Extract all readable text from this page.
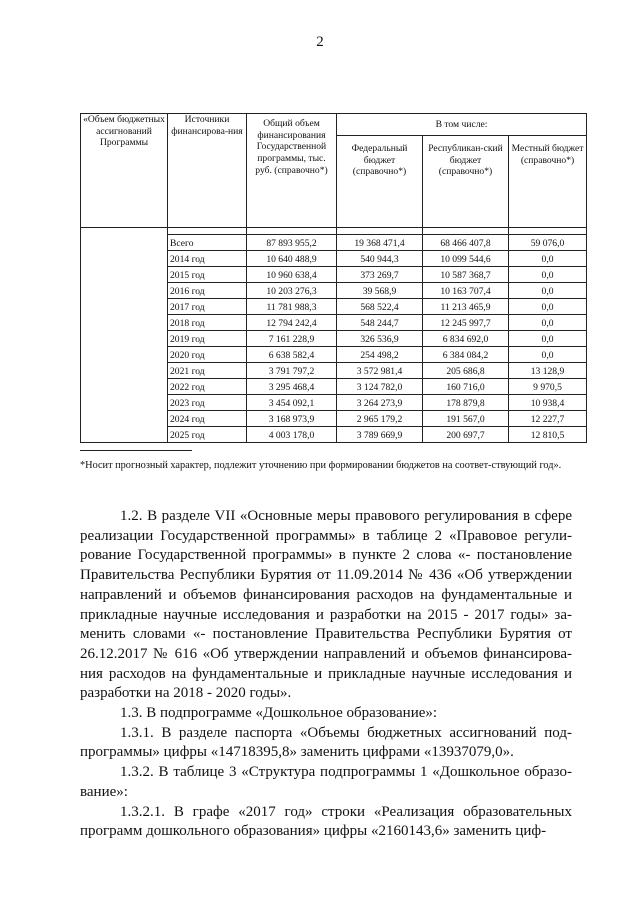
2
«Объем бюджетных ассигнований Программы	Источники финансирова-ния	Общий объем финансирования Государственной программы, тыс. руб. (справочно*)	В том числе:		
			Федеральный бюджет (справочно*)	Республикан-ский бюджет (справочно*)	Местный бюджет (справочно*)

	Всего	87 893 955,2	19 368 471,4	68 466 407,8	59 076,0
	2014 год	10 640 488,9	540 944,3	10 099 544,6	0,0
	2015 год	10 960 638,4	373 269,7	10 587 368,7	0,0
	2016 год	10 203 276,3	39 568,9	10 163 707,4	0,0
	2017 год	11 781 988,3	568 522,4	11 213 465,9	0,0
	2018 год	12 794 242,4	548 244,7	12 245 997,7	0,0
	2019 год	7 161 228,9	326 536,9	6 834 692,0	0,0
	2020 год	6 638 582,4	254 498,2	6 384 084,2	0,0
	2021 год	3 791 797,2	3 572 981,4	205 686,8	13 128,9
	2022 год	3 295 468,4	3 124 782,0	160 716,0	9 970,5
	2023 год	3 454 092,1	3 264 273,9	178 879,8	10 938,4
	2024 год	3 168 973,9	2 965 179,2	191 567,0	12 227,7
	2025 год	4 003 178,0	3 789 669,9	200 697,7	12 810,5
*Носит прогнозный характер, подлежит уточнению при формировании бюджетов на соответ-ствующий год».

1.2. В разделе VII «Основные меры правового регулирования в сфере реализации Государственной программы» в таблице 2 «Правовое регули-рование Государственной программы» в пункте 2 слова «- постановление Правительства Республики Бурятия от 11.09.2014 № 436 «Об утверждении направлений и объемов финансирования расходов на фундаментальные и прикладные научные исследования и разработки на 2015 - 2017 годы» за-менить словами «- постановление Правительства Республики Бурятия от 26.12.2017 № 616 «Об утверждении направлений и объемов финансирова-ния расходов на фундаментальные и прикладные научные исследования и разработки на 2018 - 2020 годы».

1.3. В подпрограмме «Дошкольное образование»:

1.3.1. В разделе паспорта «Объемы бюджетных ассигнований под-программы» цифры «14718395,8» заменить цифрами «13937079,0».

1.3.2. В таблице 3 «Структура подпрограммы 1 «Дошкольное образо-вание»:

1.3.2.1. В графе «2017 год» строки «Реализация образовательных программ дошкольного образования» цифры «2160143,6» заменить циф-
